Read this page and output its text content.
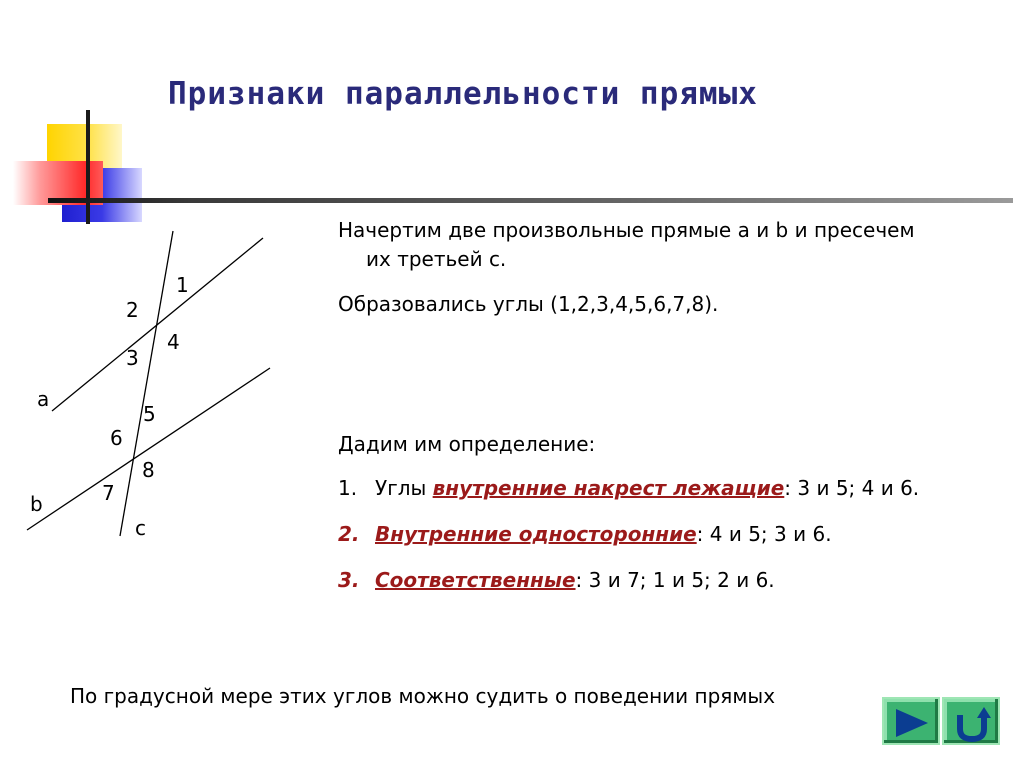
Признаки параллельности прямых
a
b
c
1
2
3
4
5
6
7
8
Начертим две произвольные прямые a и b и пресечем
их третьей с.
Образовались углы (1,2,3,4,5,6,7,8).
Дадим им определение:
1. Углы внутренние накрест лежащие: 3 и 5; 4 и 6.
2. Внутренние односторонние: 4 и 5; 3 и 6.
3. Соответственные: 3 и 7; 1 и 5; 2 и 6.
По градусной мере этих углов можно судить о поведении прямых
